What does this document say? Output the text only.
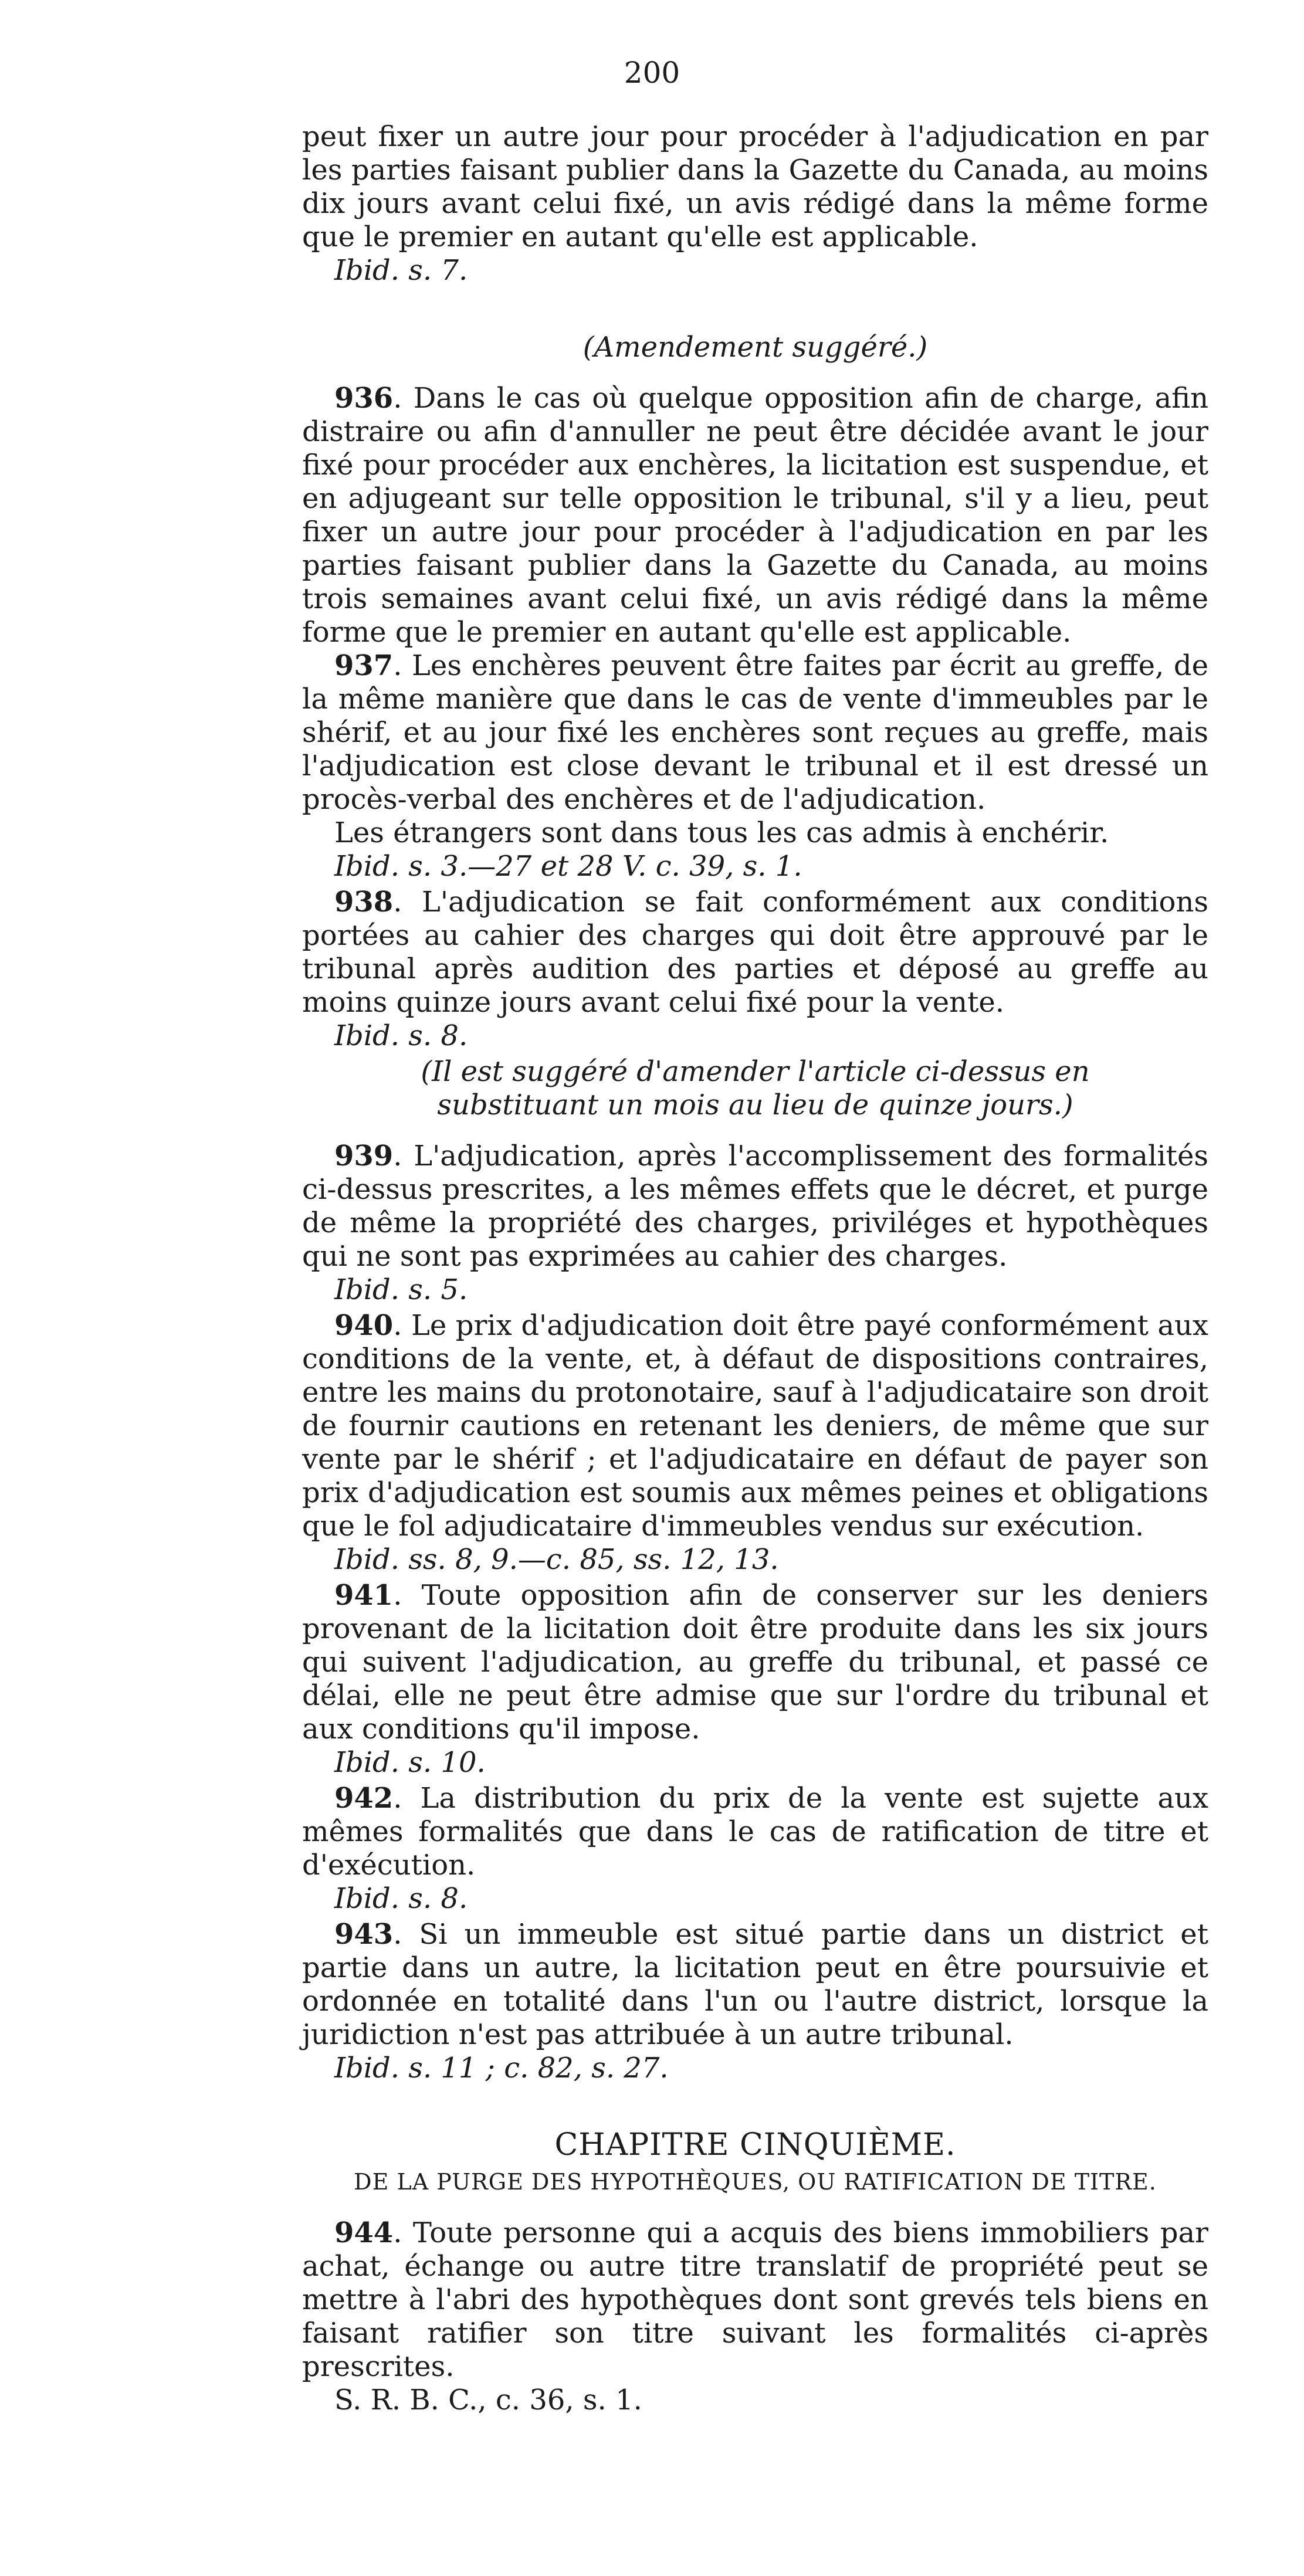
200

peut fixer un autre jour pour procéder à l'adjudication en par les parties faisant publier dans la Gazette du Canada, au moins dix jours avant celui fixé, un avis rédigé dans la même forme que le premier en autant qu'elle est applicable.

Ibid. s. 7.

(Amendement suggéré.)

936. Dans le cas où quelque opposition afin de charge, afin distraire ou afin d'annuller ne peut être décidée avant le jour fixé pour procéder aux enchères, la licitation est suspendue, et en adjugeant sur telle opposition le tribunal, s'il y a lieu, peut fixer un autre jour pour procéder à l'adjudication en par les parties faisant publier dans la Gazette du Canada, au moins trois semaines avant celui fixé, un avis rédigé dans la même forme que le premier en autant qu'elle est applicable.

937. Les enchères peuvent être faites par écrit au greffe, de la même manière que dans le cas de vente d'immeubles par le shérif, et au jour fixé les enchères sont reçues au greffe, mais l'adjudication est close devant le tribunal et il est dressé un procès-verbal des enchères et de l'adjudication.

Les étrangers sont dans tous les cas admis à enchérir.

Ibid. s. 3.—27 et 28 V. c. 39, s. 1.

938. L'adjudication se fait conformément aux conditions portées au cahier des charges qui doit être approuvé par le tribunal après audition des parties et déposé au greffe au moins quinze jours avant celui fixé pour la vente.

Ibid. s. 8.

(Il est suggéré d'amender l'article ci-dessus en substituant un mois au lieu de quinze jours.)

939. L'adjudication, après l'accomplissement des formalités ci-dessus prescrites, a les mêmes effets que le décret, et purge de même la propriété des charges, priviléges et hypothèques qui ne sont pas exprimées au cahier des charges.

Ibid. s. 5.

940. Le prix d'adjudication doit être payé conformément aux conditions de la vente, et, à défaut de dispositions contraires, entre les mains du protonotaire, sauf à l'adjudicataire son droit de fournir cautions en retenant les deniers, de même que sur vente par le shérif ; et l'adjudicataire en défaut de payer son prix d'adjudication est soumis aux mêmes peines et obligations que le fol adjudicataire d'immeubles vendus sur exécution.

Ibid. ss. 8, 9.—c. 85, ss. 12, 13.

941. Toute opposition afin de conserver sur les deniers provenant de la licitation doit être produite dans les six jours qui suivent l'adjudication, au greffe du tribunal, et passé ce délai, elle ne peut être admise que sur l'ordre du tribunal et aux conditions qu'il impose.

Ibid. s. 10.

942. La distribution du prix de la vente est sujette aux mêmes formalités que dans le cas de ratification de titre et d'exécution.

Ibid. s. 8.

943. Si un immeuble est situé partie dans un district et partie dans un autre, la licitation peut en être poursuivie et ordonnée en totalité dans l'un ou l'autre district, lorsque la juridiction n'est pas attribuée à un autre tribunal.

Ibid. s. 11 ; c. 82, s. 27.

CHAPITRE CINQUIÈME.
DE LA PURGE DES HYPOTHÈQUES, OU RATIFICATION DE TITRE.

944. Toute personne qui a acquis des biens immobiliers par achat, échange ou autre titre translatif de propriété peut se mettre à l'abri des hypothèques dont sont grevés tels biens en faisant ratifier son titre suivant les formalités ci-après prescrites.

S. R. B. C., c. 36, s. 1.
